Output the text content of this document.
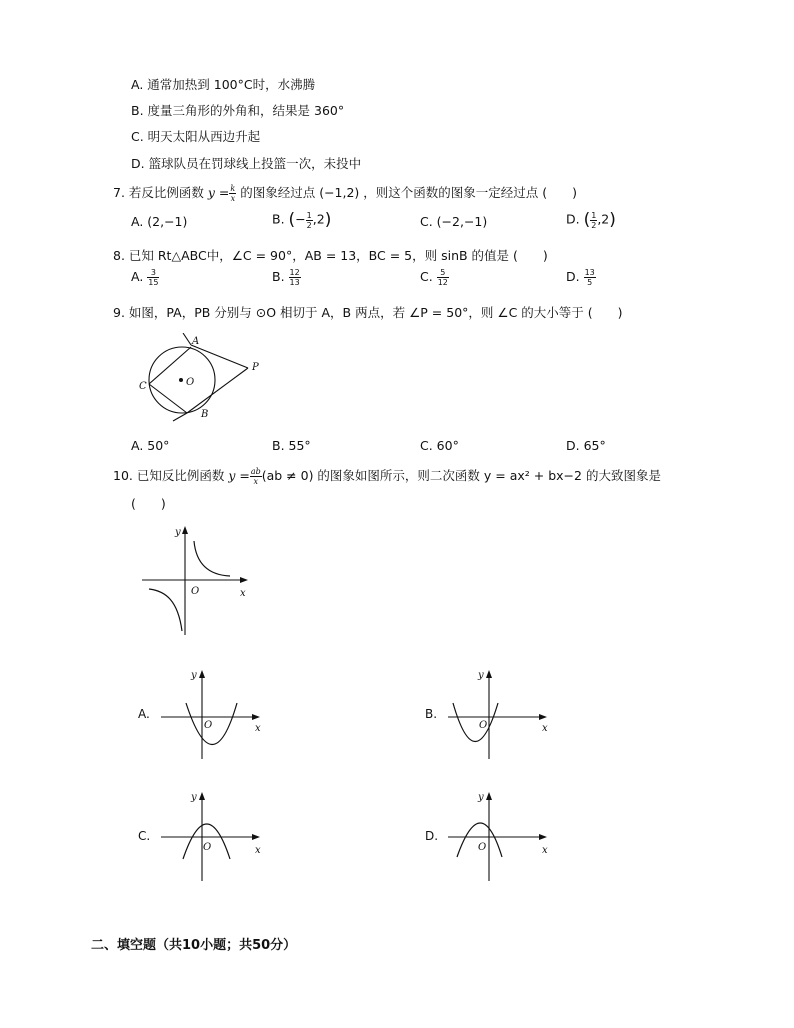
A. 通常加热到 100°C时，水沸腾
B. 度量三角形的外角和，结果是 360°
C. 明天太阳从西边升起
D. 篮球队员在罚球线上投篮一次，未投中
7. 若反比例函数 $y = \frac{k}{x}$ 的图象经过点 (−1,2) ，则这个函数的图象一定经过点 (　　)
A. (2,−1)	B. (− $\frac{1}{2} ,2$)	C. (−2,−1)	D. ( $\frac{1}{2} ,2$)
8. 已知 Rt△ABC中，∠C = 90°，AB = 13，BC = 5，则 sinB 的值是 (　　)
A. $\frac{3}{15}$	B. $\frac{12}{13}$	C. $\frac{5}{12}$	D. $\frac{13}{5}$
9. 如图，PA，PB 分别与 ⊙O 相切于 A，B 两点，若 ∠P = 50°，则 ∠C 的大小等于 (　　)
A
B
C	O
P
A. 50°	B. 55°	C. 60°	D. 65°
10. 已知反比例函数 $y = \frac{ab}{x} (ab \ne 0)$ 的图象如图所示，则二次函数 y = ax² + bx−2 的大致图象是
(　　)
y
x
O
A.
y
x
O
B.
y
x
O
C.
y
x
O
D.
y
x
O
二、填空题（共10小题；共50分）
